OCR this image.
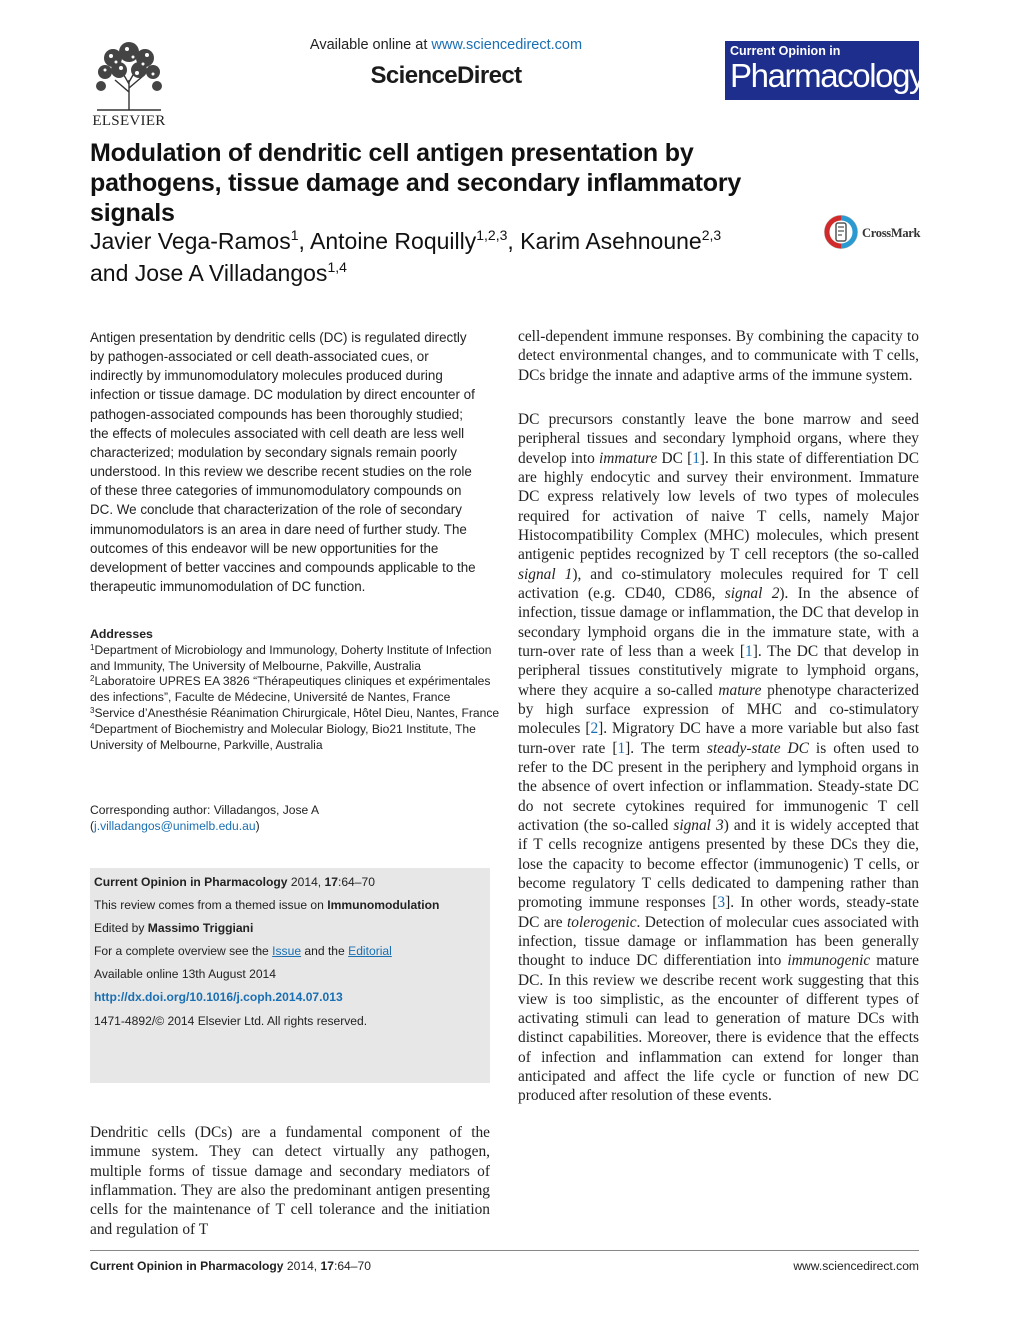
ELSEVIER
Available online at www.sciencedirect.com
ScienceDirect
Current Opinion in
Pharmacology
Modulation of dendritic cell antigen presentation by pathogens, tissue damage and secondary inflammatory signals
Javier Vega-Ramos$^1$, Antoine Roquilly$^{1,2,3}$, Karim Asehnoune$^{2,3}$
and Jose A Villadangos$^{1,4}$
CrossMark

Antigen presentation by dendritic cells (DC) is regulated directly by pathogen-associated or cell death-associated cues, or indirectly by immunomodulatory molecules produced during infection or tissue damage. DC modulation by direct encounter of pathogen-associated compounds has been thoroughly studied; the effects of molecules associated with cell death are less well characterized; modulation by secondary signals remain poorly understood. In this review we describe recent studies on the role of these three categories of immunomodulatory compounds on DC. We conclude that characterization of the role of secondary immunomodulators is an area in dare need of further study. The outcomes of this endeavor will be new opportunities for the development of better vaccines and compounds applicable to the therapeutic immunomodulation of DC function.

Addresses
$^1$Department of Microbiology and Immunology, Doherty Institute of Infection and Immunity, The University of Melbourne, Pakville, Australia
$^2$Laboratoire UPRES EA 3826 “Thérapeutiques cliniques et expérimentales des infections”, Faculte de Médecine, Université de Nantes, France
$^3$Service d’Anesthésie Réanimation Chirurgicale, Hôtel Dieu, Nantes, France
$^4$Department of Biochemistry and Molecular Biology, Bio21 Institute, The University of Melbourne, Parkville, Australia
Corresponding author: Villadangos, Jose A
(j.villadangos@unimelb.edu.au)
Current Opinion in Pharmacology 2014, 17:64–70
This review comes from a themed issue on Immunomodulation
Edited by Massimo Triggiani
For a complete overview see the Issue and the Editorial
Available online 13th August 2014
http://dx.doi.org/10.1016/j.coph.2014.07.013
1471-4892/© 2014 Elsevier Ltd. All rights reserved.

Dendritic cells (DCs) are a fundamental component of the immune system. They can detect virtually any pathogen, multiple forms of tissue damage and secondary mediators of inflammation. They are also the predominant antigen presenting cells for the maintenance of T cell tolerance and the initiation and regulation of T

cell-dependent immune responses. By combining the capacity to detect environmental changes, and to communicate with T cells, DCs bridge the innate and adaptive arms of the immune system.

DC precursors constantly leave the bone marrow and seed peripheral tissues and secondary lymphoid organs, where they develop into immature DC [1]. In this state of differentiation DC are highly endocytic and survey their environment. Immature DC express relatively low levels of two types of molecules required for activation of naive T cells, namely Major Histocompatibility Complex (MHC) molecules, which present antigenic peptides recognized by T cell receptors (the so-called signal 1), and co-stimulatory molecules required for T cell activation (e.g. CD40, CD86, signal 2). In the absence of infection, tissue damage or inflammation, the DC that develop in secondary lymphoid organs die in the immature state, with a turn-over rate of less than a week [1]. The DC that develop in peripheral tissues constitutively migrate to lymphoid organs, where they acquire a so-called mature phenotype characterized by high surface expression of MHC and co-stimulatory molecules [2]. Migratory DC have a more variable but also fast turn-over rate [1]. The term steady-state DC is often used to refer to the DC present in the periphery and lymphoid organs in the absence of overt infection or inflammation. Steady-state DC do not secrete cytokines required for immunogenic T cell activation (the so-called signal 3) and it is widely accepted that if T cells recognize antigens presented by these DCs they die, lose the capacity to become effector (immunogenic) T cells, or become regulatory T cells dedicated to dampening rather than promoting immune responses [3]. In other words, steady-state DC are tolerogenic. Detection of molecular cues associated with infection, tissue damage or inflammation has been generally thought to induce DC differentiation into immunogenic mature DC. In this review we describe recent work suggesting that this view is too simplistic, as the encounter of different types of activating stimuli can lead to generation of mature DCs with distinct capabilities. Moreover, there is evidence that the effects of infection and inflammation can extend for longer than anticipated and affect the life cycle or function of new DC produced after resolution of these events.

Current Opinion in Pharmacology 2014, 17:64–70	www.sciencedirect.com
